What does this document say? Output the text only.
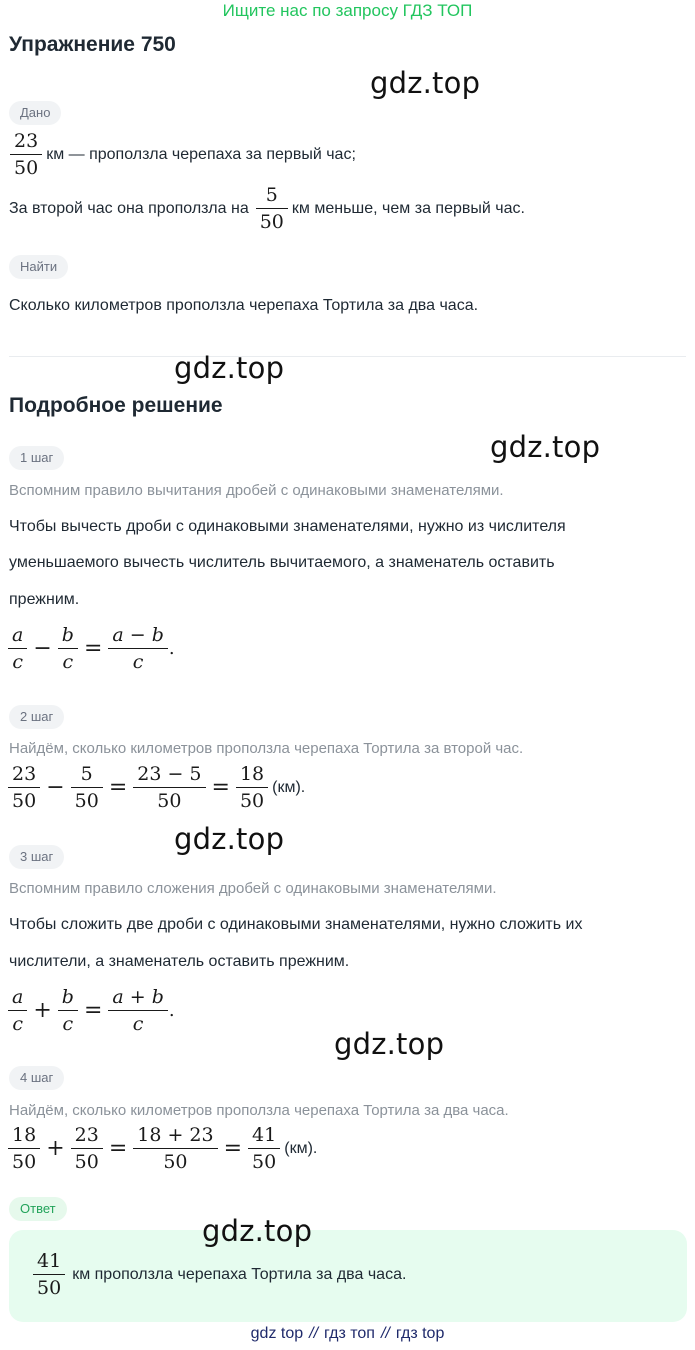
Ищите нас по запросу ГДЗ ТОП
Упражнение 750
gdz.top
Дано
$\frac{23}{50}$ км — проползла черепаха за первый час;
За второй час она проползла на $\frac{5}{50}$ км меньше, чем за первый час.
Найти
Сколько километров проползла черепаха Тортила за два часа.
gdz.top
Подробное решение
gdz.top
1 шаг
Вспомним правило вычитания дробей с одинаковыми знаменателями.
Чтобы вычесть дроби с одинаковыми знаменателями, нужно из числителя
уменьшаемого вычесть числитель вычитаемого, а знаменатель оставить
прежним.
$\frac{a}{c} - \frac{b}{c} = \frac{a - b}{c}$ .
2 шаг
Найдём, сколько километров проползла черепаха Тортила за второй час.
$\frac{23}{50} - \frac{5}{50} = \frac{23 - 5}{50} = \frac{18}{50} (км)$.
gdz.top
3 шаг
Вспомним правило сложения дробей с одинаковыми знаменателями.
Чтобы сложить две дроби с одинаковыми знаменателями, нужно сложить их
числители, а знаменатель оставить прежним.
$\frac{a}{c} + \frac{b}{c} = \frac{a + b}{c}$ .
gdz.top
4 шаг
Найдём, сколько километров проползла черепаха Тортила за два часа.
$\frac{18}{50} + \frac{23}{50} = \frac{18 + 23}{50} = \frac{41}{50} (км)$.
Ответ
gdz.top
$\frac{41}{50}$ км проползла черепаха Тортила за два часа.
gdz top // гдз топ // гдз top
